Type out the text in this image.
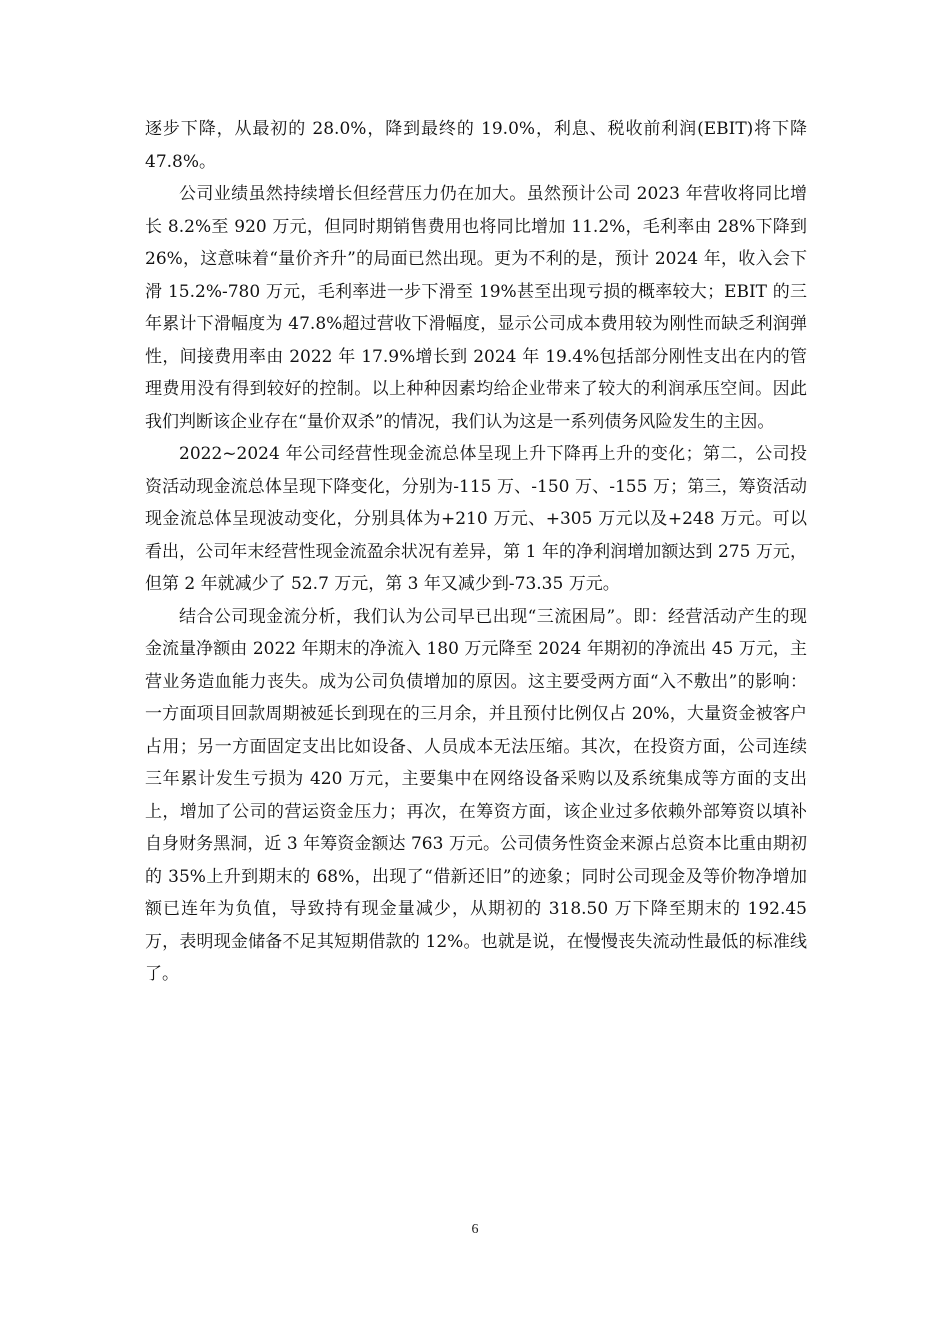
逐步下降，从最初的 28.0%，降到最终的 19.0%，利息、税收前利润(EBIT)将下降 47.8%。

公司业绩虽然持续增长但经营压力仍在加大。虽然预计公司 2023 年营收将同比增长 8.2%至 920 万元，但同时期销售费用也将同比增加 11.2%，毛利率由 28%下降到 26%，这意味着“量价齐升”的局面已然出现。更为不利的是，预计 2024 年，收入会下滑 15.2%-780 万元，毛利率进一步下滑至 19%甚至出现亏损的概率较大；EBIT 的三年累计下滑幅度为 47.8%超过营收下滑幅度，显示公司成本费用较为刚性而缺乏利润弹性，间接费用率由 2022 年 17.9%增长到 2024 年 19.4%包括部分刚性支出在内的管理费用没有得到较好的控制。以上种种因素均给企业带来了较大的利润承压空间。因此我们判断该企业存在“量价双杀”的情况，我们认为这是一系列债务风险发生的主因。

2022~2024 年公司经营性现金流总体呈现上升下降再上升的变化；第二，公司投资活动现金流总体呈现下降变化，分别为-115 万、-150 万、-155 万；第三，筹资活动现金流总体呈现波动变化，分别具体为+210 万元、+305 万元以及+248 万元。可以看出，公司年末经营性现金流盈余状况有差异，第 1 年的净利润增加额达到 275 万元，但第 2 年就减少了 52.7 万元，第 3 年又减少到-73.35 万元。

结合公司现金流分析，我们认为公司早已出现“三流困局”。即：经营活动产生的现金流量净额由 2022 年期末的净流入 180 万元降至 2024 年期初的净流出 45 万元，主营业务造血能力丧失。成为公司负债增加的原因。这主要受两方面“入不敷出”的影响：一方面项目回款周期被延长到现在的三月余，并且预付比例仅占 20%，大量资金被客户占用；另一方面固定支出比如设备、人员成本无法压缩。其次，在投资方面，公司连续三年累计发生亏损为 420 万元，主要集中在网络设备采购以及系统集成等方面的支出上，增加了公司的营运资金压力；再次，在筹资方面，该企业过多依赖外部筹资以填补自身财务黑洞，近 3 年筹资金额达 763 万元。公司债务性资金来源占总资本比重由期初的 35%上升到期末的 68%，出现了“借新还旧”的迹象；同时公司现金及等价物净增加额已连年为负值，导致持有现金量减少，从期初的 318.50 万下降至期末的 192.45 万，表明现金储备不足其短期借款的 12%。也就是说，在慢慢丧失流动性最低的标准线了。

6
